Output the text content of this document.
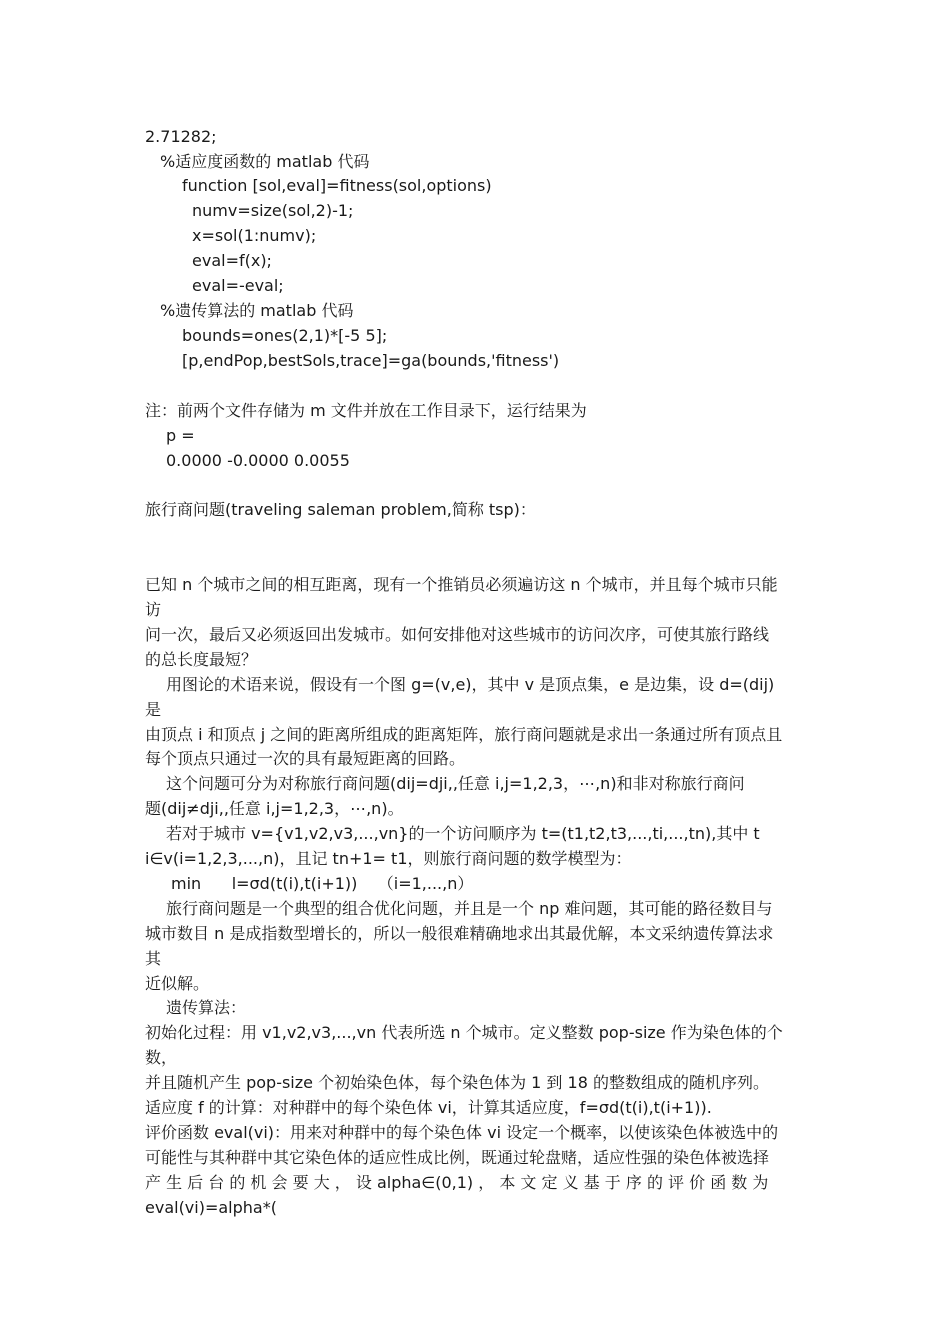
2.71282;
%适应度函数的 matlab 代码
function [sol,eval]=fitness(sol,options)
numv=size(sol,2)-1;
x=sol(1:numv);
eval=f(x);
eval=-eval;
%遗传算法的 matlab 代码
bounds=ones(2,1)*[-5 5];
[p,endPop,bestSols,trace]=ga(bounds,'fitness')
注：前两个文件存储为 m 文件并放在工作目录下，运行结果为
p =
0.0000 -0.0000 0.0055
旅行商问题(traveling saleman problem,简称 tsp)：
已知 n 个城市之间的相互距离，现有一个推销员必须遍访这 n 个城市，并且每个城市只能
访
问一次，最后又必须返回出发城市。如何安排他对这些城市的访问次序，可使其旅行路线
的总长度最短？
用图论的术语来说，假设有一个图 g=(v,e)，其中 v 是顶点集，e 是边集，设 d=(dij)
是
由顶点 i 和顶点 j 之间的距离所组成的距离矩阵，旅行商问题就是求出一条通过所有顶点且
每个顶点只通过一次的具有最短距离的回路。
这个问题可分为对称旅行商问题(dij=dji,,任意 i,j=1,2,3，⋯,n)和非对称旅行商问
题(dij≠dji,,任意 i,j=1,2,3，⋯,n)。
若对于城市 v={v1,v2,v3,...,vn}的一个访问顺序为 t=(t1,t2,t3,...,ti,...,tn),其中 t
i∈v(i=1,2,3,...,n)，且记 tn+1= t1，则旅行商问题的数学模型为：
min      l=σd(t(i),t(i+1))    （i=1,...,n）
旅行商问题是一个典型的组合优化问题，并且是一个 np 难问题，其可能的路径数目与
城市数目 n 是成指数型增长的，所以一般很难精确地求出其最优解，本文采纳遗传算法求
其
近似解。
遗传算法：
初始化过程：用 v1,v2,v3,...,vn 代表所选 n 个城市。定义整数 pop-size 作为染色体的个
数，
并且随机产生 pop-size 个初始染色体，每个染色体为 1 到 18 的整数组成的随机序列。
适应度 f 的计算：对种群中的每个染色体 vi，计算其适应度，f=σd(t(i),t(i+1)).
评价函数 eval(vi)：用来对种群中的每个染色体 vi 设定一个概率，以使该染色体被选中的
可能性与其种群中其它染色体的适应性成比例，既通过轮盘赌，适应性强的染色体被选择
产 生 后 台 的 机 会 要 大 ， 设 alpha∈(0,1) ， 本 文 定 义 基 于 序 的 评 价 函 数 为
eval(vi)=alpha*(
